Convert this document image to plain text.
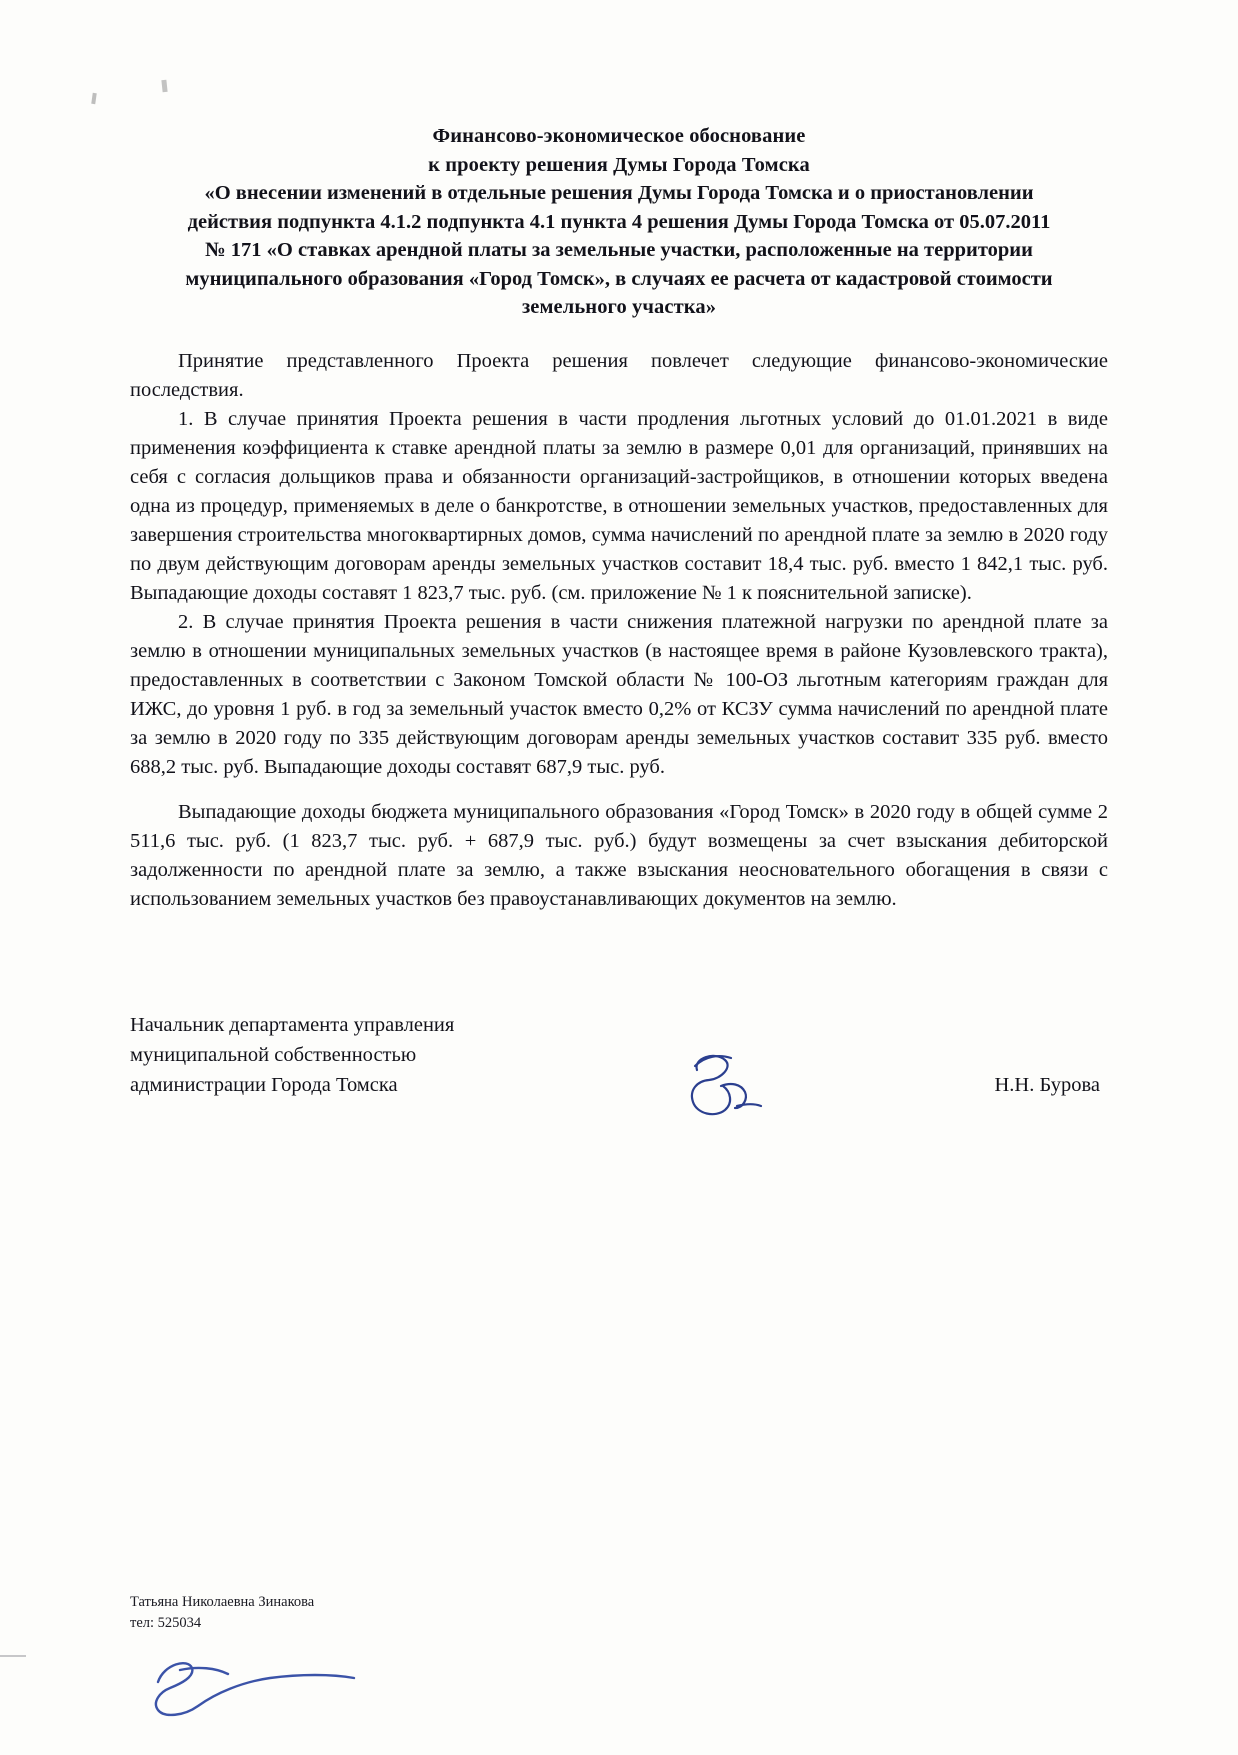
Финансово-экономическое обоснование
к проекту решения Думы Города Томска
«О внесении изменений в отдельные решения Думы Города Томска и о приостановлении
действия подпункта 4.1.2 подпункта 4.1 пункта 4 решения Думы Города Томска от 05.07.2011
№ 171 «О ставках арендной платы за земельные участки, расположенные на территории
муниципального образования «Город Томск», в случаях ее расчета от кадастровой стоимости
земельного участка»

Принятие представленного Проекта решения повлечет следующие финансово-экономические последствия.

1. В случае принятия Проекта решения в части продления льготных условий до 01.01.2021 в виде применения коэффициента к ставке арендной платы за землю в размере 0,01 для организаций, принявших на себя с согласия дольщиков права и обязанности организаций-застройщиков, в отношении которых введена одна из процедур, применяемых в деле о банкротстве, в отношении земельных участков, предоставленных для завершения строительства многоквартирных домов, сумма начислений по арендной плате за землю в 2020 году по двум действующим договорам аренды земельных участков составит 18,4 тыс. руб. вместо 1 842,1 тыс. руб. Выпадающие доходы составят 1 823,7 тыс. руб. (см. приложение № 1 к пояснительной записке).

2. В случае принятия Проекта решения в части снижения платежной нагрузки по арендной плате за землю в отношении муниципальных земельных участков (в настоящее время в районе Кузовлевского тракта), предоставленных в соответствии с Законом Томской области № 100-ОЗ льготным категориям граждан для ИЖС, до уровня 1 руб. в год за земельный участок вместо 0,2% от КСЗУ сумма начислений по арендной плате за землю в 2020 году по 335 действующим договорам аренды земельных участков составит 335 руб. вместо 688,2 тыс. руб. Выпадающие доходы составят 687,9 тыс. руб.

Выпадающие доходы бюджета муниципального образования «Город Томск» в 2020 году в общей сумме 2 511,6 тыс. руб. (1 823,7 тыс. руб. + 687,9 тыс. руб.) будут возмещены за счет взыскания дебиторской задолженности по арендной плате за землю, а также взыскания неосновательного обогащения в связи с использованием земельных участков без правоустанавливающих документов на землю.

Начальник департамента управления
муниципальной собственностью
администрации Города Томска	Н.Н. Бурова
Татьяна Николаевна Зинакова
тел: 525034
